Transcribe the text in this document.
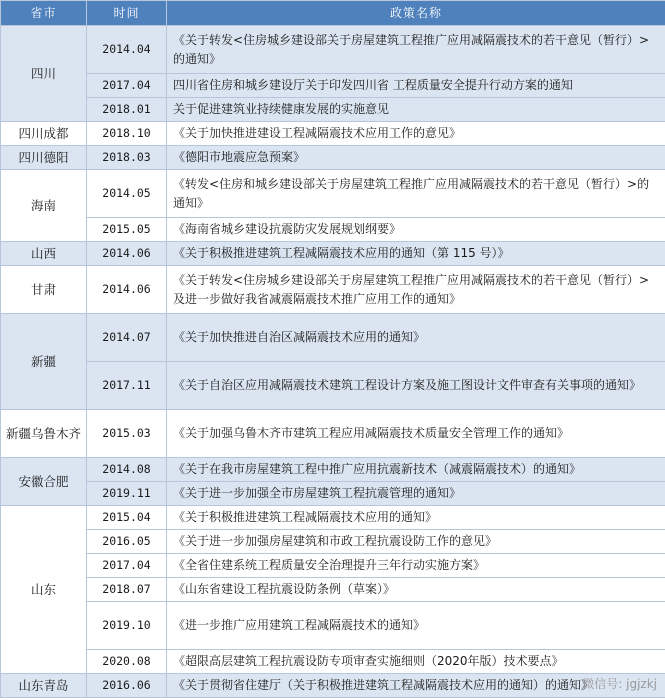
省市	时间	政策名称
四川	2014.04	《关于转发<住房城乡建设部关于房屋建筑工程推广应用减隔震技术的若干意见（暂行）>的通知》
	2017.04	四川省住房和城乡建设厅关于印发四川省 工程质量安全提升行动方案的通知
	2018.01	关于促进建筑业持续健康发展的实施意见
四川成都	2018.10	《关于加快推进建设工程减隔震技术应用工作的意见》
四川德阳	2018.03	《德阳市地震应急预案》
海南	2014.05	《转发<住房和城乡建设部关于房屋建筑工程推广应用减隔震技术的若干意见（暂行）>的通知》
	2015.05	《海南省城乡建设抗震防灾发展规划纲要》
山西	2014.06	《关于积极推进建筑工程减隔震技术应用的通知（第 115 号）》
甘肃	2014.06	《关于转发<住房城乡建设部关于房屋建筑工程推广应用减隔震技术的若干意见（暂行）>及进一步做好我省减震隔震技术推广应用工作的通知》
新疆	2014.07	《关于加快推进自治区减隔震技术应用的通知》
	2017.11	《关于自治区应用减隔震技术建筑工程设计方案及施工图设计文件审查有关事项的通知》
新疆乌鲁木齐	2015.03	《关于加强乌鲁木齐市建筑工程应用减隔震技术质量安全管理工作的通知》
安徽合肥	2014.08	《关于在我市房屋建筑工程中推广应用抗震新技术（减震隔震技术）的通知》
	2019.11	《关于进一步加强全市房屋建筑工程抗震管理的通知》
山东	2015.04	《关于积极推进建筑工程减隔震技术应用的通知》
	2016.05	《关于进一步加强房屋建筑和市政工程抗震设防工作的意见》
	2017.04	《全省住建系统工程质量安全治理提升三年行动实施方案》
	2018.07	《山东省建设工程抗震设防条例（草案）》
	2019.10	《进一步推广应用建筑工程减隔震技术的通知》
	2020.08	《超限高层建筑工程抗震设防专项审查实施细则（2020年版）技术要点》
山东青岛	2016.06	《关于贯彻省住建厅（关于积极推进建筑工程减隔震技术应用的通知）的通知》
微信号: jgjzkj
